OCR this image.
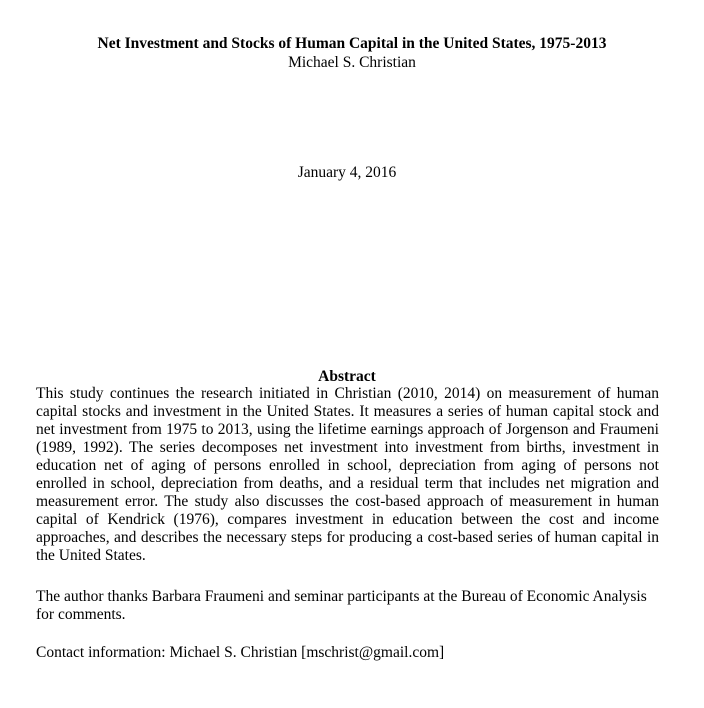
Net Investment and Stocks of Human Capital in the United States, 1975-2013
Michael S. Christian
January 4, 2016
Abstract

This study continues the research initiated in Christian (2010, 2014) on measurement of human capital stocks and investment in the United States. It measures a series of human capital stock and net investment from 1975 to 2013, using the lifetime earnings approach of Jorgenson and Fraumeni (1989, 1992). The series decomposes net investment into investment from births, investment in education net of aging of persons enrolled in school, depreciation from aging of persons not enrolled in school, depreciation from deaths, and a residual term that includes net migration and measurement error. The study also discusses the cost-based approach of measurement in human capital of Kendrick (1976), compares investment in education between the cost and income approaches, and describes the necessary steps for producing a cost-based series of human capital in the United States.

The author thanks Barbara Fraumeni and seminar participants at the Bureau of Economic Analysis for comments.

Contact information: Michael S. Christian [mschrist@gmail.com]
